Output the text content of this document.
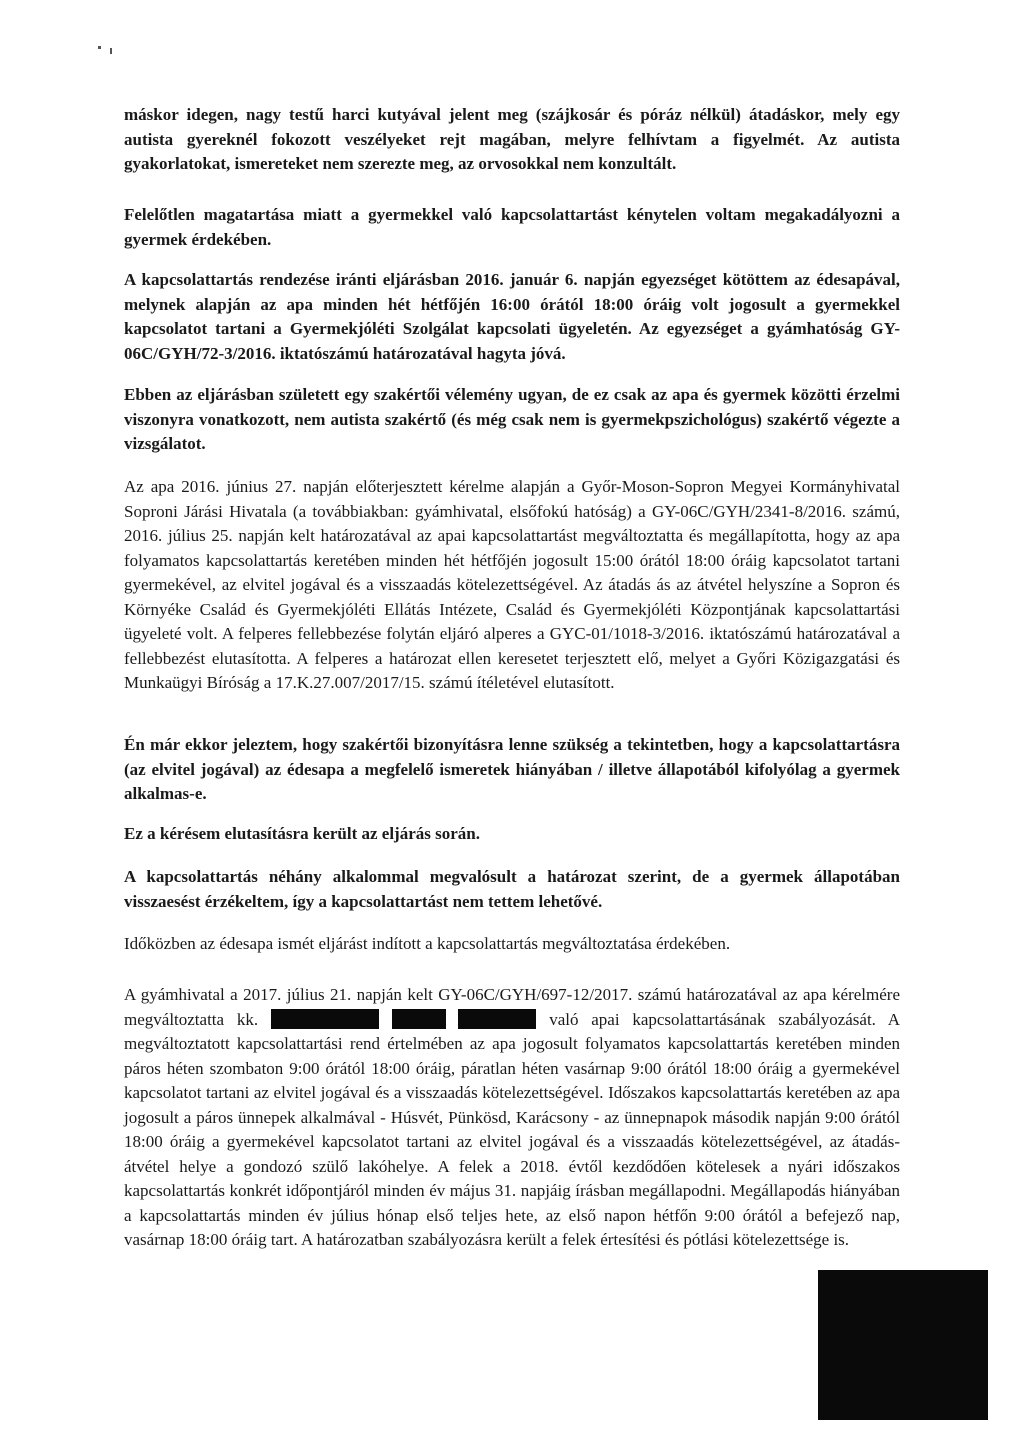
máskor idegen, nagy testű harci kutyával jelent meg (szájkosár és póráz nélkül) átadáskor, mely egy autista gyereknél fokozott veszélyeket rejt magában, melyre felhívtam a figyelmét. Az autista gyakorlatokat, ismereteket nem szerezte meg, az orvosokkal nem konzultált.

Felelőtlen magatartása miatt a gyermekkel való kapcsolattartást kénytelen voltam megakadályozni a gyermek érdekében.

A kapcsolattartás rendezése iránti eljárásban 2016. január 6. napján egyezséget kötöttem az édesapával, melynek alapján az apa minden hét hétfőjén 16:00 órától 18:00 óráig volt jogosult a gyermekkel kapcsolatot tartani a Gyermekjóléti Szolgálat kapcsolati ügyeletén. Az egyezséget a gyámhatóság GY-06C/GYH/72-3/2016. iktatószámú határozatával hagyta jóvá.

Ebben az eljárásban született egy szakértői vélemény ugyan, de ez csak az apa és gyermek közötti érzelmi viszonyra vonatkozott, nem autista szakértő (és még csak nem is gyermekpszichológus) szakértő végezte a vizsgálatot.

Az apa 2016. június 27. napján előterjesztett kérelme alapján a Győr-Moson-Sopron Megyei Kormányhivatal Soproni Járási Hivatala (a továbbiakban: gyámhivatal, elsőfokú hatóság) a GY-06C/GYH/2341-8/2016. számú, 2016. július 25. napján kelt határozatával az apai kapcsolattartást megváltoztatta és megállapította, hogy az apa folyamatos kapcsolattartás keretében minden hét hétfőjén jogosult 15:00 órától 18:00 óráig kapcsolatot tartani gyermekével, az elvitel jogával és a visszaadás kötelezettségével. Az átadás ás az átvétel helyszíne a Sopron és Környéke Család és Gyermekjóléti Ellátás Intézete, Család és Gyermekjóléti Központjának kapcsolattartási ügyeleté volt. A felperes fellebbezése folytán eljáró alperes a GYC-01/1018-3/2016. iktatószámú határozatával a fellebbezést elutasította. A felperes a határozat ellen keresetet terjesztett elő, melyet a Győri Közigazgatási és Munkaügyi Bíróság a 17.K.27.007/2017/15. számú ítéletével elutasított.

Én már ekkor jeleztem, hogy szakértői bizonyításra lenne szükség a tekintetben, hogy a kapcsolattartásra (az elvitel jogával) az édesapa a megfelelő ismeretek hiányában / illetve állapotából kifolyólag a gyermek alkalmas-e.

Ez a kérésem elutasításra került az eljárás során.

A kapcsolattartás néhány alkalommal megvalósult a határozat szerint, de a gyermek állapotában visszaesést érzékeltem, így a kapcsolattartást nem tettem lehetővé.

Időközben az édesapa ismét eljárást indított a kapcsolattartás megváltoztatása érdekében.

A gyámhivatal a 2017. július 21. napján kelt GY-06C/GYH/697-12/2017. számú határozatával az apa kérelmére megváltoztatta kk.	való apai kapcsolattartásának szabályozását. A megváltoztatott kapcsolattartási rend értelmében az apa jogosult folyamatos kapcsolattartás keretében minden páros héten szombaton 9:00 órától 18:00 óráig, páratlan héten vasárnap 9:00 órától 18:00 óráig a gyermekével kapcsolatot tartani az elvitel jogával és a visszaadás kötelezettségével. Időszakos kapcsolattartás keretében az apa jogosult a páros ünnepek alkalmával - Húsvét, Pünkösd, Karácsony - az ünnepnapok második napján 9:00 órától 18:00 óráig a gyermekével kapcsolatot tartani az elvitel jogával és a visszaadás kötelezettségével, az átadás-átvétel helye a gondozó szülő lakóhelye. A felek a 2018. évtől kezdődően kötelesek a nyári időszakos kapcsolattartás konkrét időpontjáról minden év május 31. napjáig írásban megállapodni. Megállapodás hiányában a kapcsolattartás minden év július hónap első teljes hete, az első napon hétfőn 9:00 órától a befejező nap, vasárnap 18:00 óráig tart. A határozatban szabályozásra került a felek értesítési és pótlási kötelezettsége is.
